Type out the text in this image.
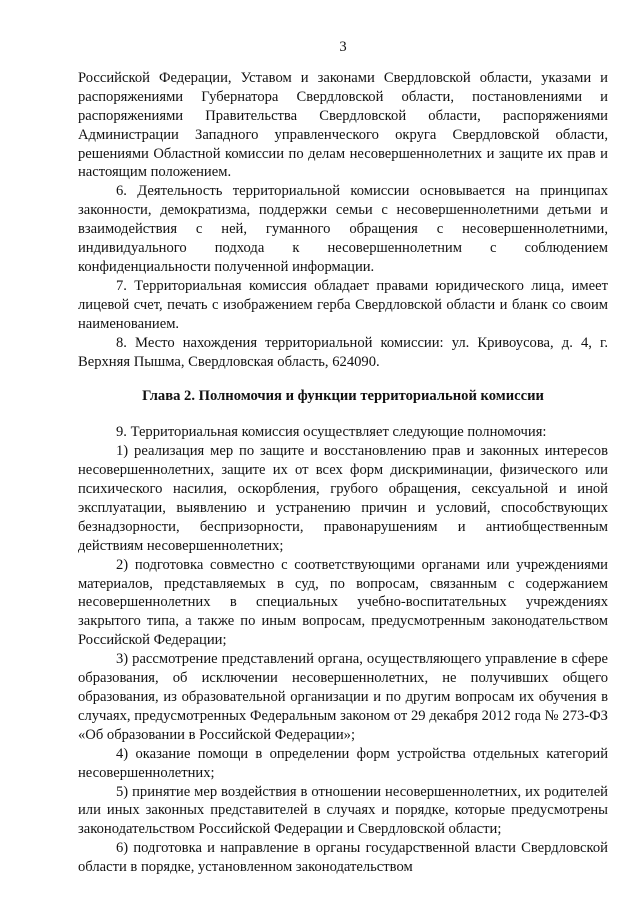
3

Российской Федерации, Уставом и законами Свердловской области, указами и распоряжениями Губернатора Свердловской области, постановлениями и распоряжениями Правительства Свердловской области, распоряжениями Администрации Западного управленческого округа Свердловской области, решениями Областной комиссии по делам несовершеннолетних и защите их прав и настоящим положением.

6. Деятельность территориальной комиссии основывается на принципах законности, демократизма, поддержки семьи с несовершеннолетними детьми и взаимодействия с ней, гуманного обращения с несовершеннолетними, индивидуального подхода к несовершеннолетним с соблюдением конфиденциальности полученной информации.

7. Территориальная комиссия обладает правами юридического лица, имеет лицевой счет, печать с изображением герба Свердловской области и бланк со своим наименованием.

8. Место нахождения территориальной комиссии: ул. Кривоусова, д. 4, г. Верхняя Пышма, Свердловская область, 624090.

Глава 2. Полномочия и функции территориальной комиссии

9. Территориальная комиссия осуществляет следующие полномочия:

1) реализация мер по защите и восстановлению прав и законных интересов несовершеннолетних, защите их от всех форм дискриминации, физического или психического насилия, оскорбления, грубого обращения, сексуальной и иной эксплуатации, выявлению и устранению причин и условий, способствующих безнадзорности, беспризорности, правонарушениям и антиобщественным действиям несовершеннолетних;

2) подготовка совместно с соответствующими органами или учреждениями материалов, представляемых в суд, по вопросам, связанным с содержанием несовершеннолетних в специальных учебно-воспитательных учреждениях закрытого типа, а также по иным вопросам, предусмотренным законодательством Российской Федерации;

3) рассмотрение представлений органа, осуществляющего управление в сфере образования, об исключении несовершеннолетних, не получивших общего образования, из образовательной организации и по другим вопросам их обучения в случаях, предусмотренных Федеральным законом от 29 декабря 2012 года № 273-ФЗ «Об образовании в Российской Федерации»;

4) оказание помощи в определении форм устройства отдельных категорий несовершеннолетних;

5) принятие мер воздействия в отношении несовершеннолетних, их родителей или иных законных представителей в случаях и порядке, которые предусмотрены законодательством Российской Федерации и Свердловской области;

6) подготовка и направление в органы государственной власти Свердловской области в порядке, установленном законодательством
